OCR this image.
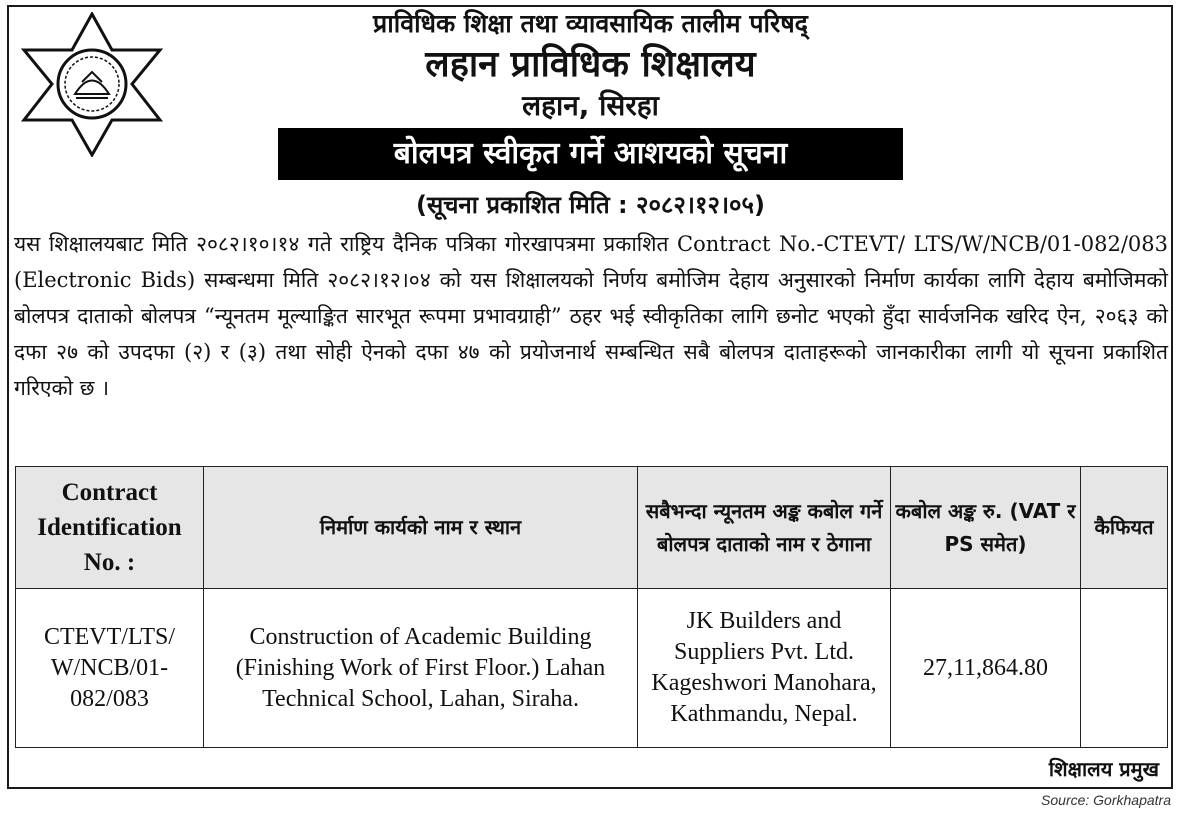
प्राविधिक शिक्षा तथा व्यावसायिक तालीम परिषद्
लहान प्राविधिक शिक्षालय
लहान, सिरहा
बोलपत्र स्वीकृत गर्ने आशयको सूचना
(सूचना प्रकाशित मिति : २०८२।१२।०५)
यस शिक्षालयबाट मिति २०८२।१०।१४ गते राष्ट्रिय दैनिक पत्रिका गोरखापत्रमा प्रकाशित Contract No.-CTEVT/ LTS/W/NCB/01-082/083 (Electronic Bids) सम्बन्धमा मिति २०८२।१२।०४ को यस शिक्षालयको निर्णय बमोजिम देहाय अनुसारको निर्माण कार्यका लागि देहाय बमोजिमको बोलपत्र दाताको बोलपत्र “न्यूनतम मूल्याङ्कित सारभूत रूपमा प्रभावग्राही” ठहर भई स्वीकृतिका लागि छनोट भएको हुँदा सार्वजनिक खरिद ऐन, २०६३ को दफा २७ को उपदफा (२) र (३) तथा सोही ऐनको दफा ४७ को प्रयोजनार्थ सम्बन्धित सबै बोलपत्र दाताहरूको जानकारीका लागी यो सूचना प्रकाशित गरिएको छ ।
Contract Identification No. :	निर्माण कार्यको नाम र स्थान	सबैभन्दा न्यूनतम अङ्क कबोल गर्ने बोलपत्र दाताको नाम र ठेगाना	कबोल अङ्क रु. (VAT र PS समेत)	कैफियत
CTEVT/LTS/ W/NCB/01- 082/083	Construction of Academic Building (Finishing Work of First Floor.) Lahan Technical School, Lahan, Siraha.	JK Builders and Suppliers Pvt. Ltd. Kageshwori Manohara, Kathmandu, Nepal.	27,11,864.80	
शिक्षालय प्रमुख
Source: Gorkhapatra
